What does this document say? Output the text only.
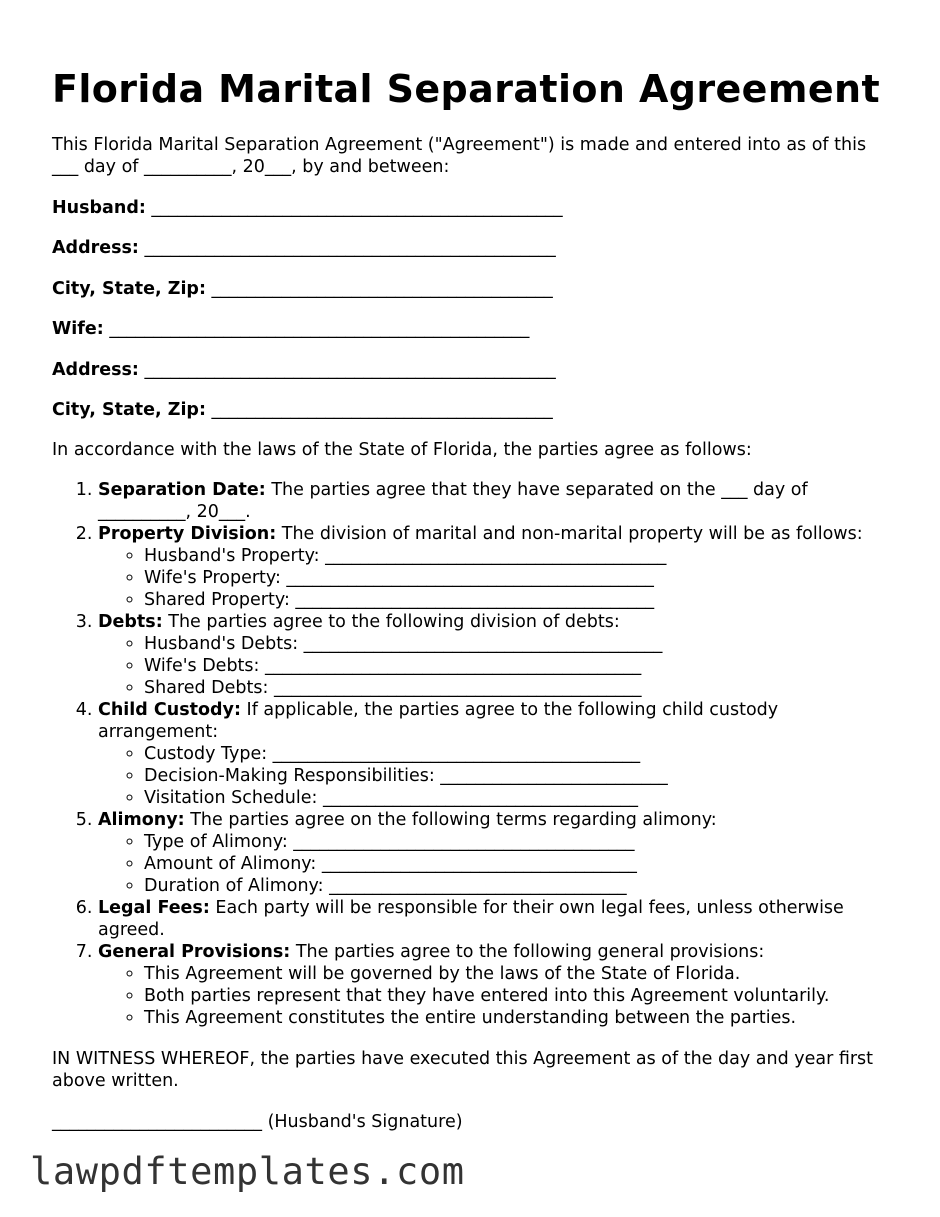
Florida Marital Separation Agreement

This Florida Marital Separation Agreement ("Agreement") is made and entered into as of this ___ day of __________, 20___, by and between:

Husband: _______________________________________________

Address: _______________________________________________

City, State, Zip: _______________________________________

Wife: ________________________________________________

Address: _______________________________________________

City, State, Zip: _______________________________________

In accordance with the laws of the State of Florida, the parties agree as follows:

1. Separation Date: The parties agree that they have separated on the ___ day of __________, 20___.
2. Property Division: The division of marital and non-marital property will be as follows:
◦ Husband's Property: _______________________________________
◦ Wife's Property: __________________________________________
◦ Shared Property: _________________________________________
3. Debts: The parties agree to the following division of debts:
◦ Husband's Debts: _________________________________________
◦ Wife's Debts: ___________________________________________
◦ Shared Debts: __________________________________________
4. Child Custody: If applicable, the parties agree to the following child custody arrangement:
◦ Custody Type: __________________________________________
◦ Decision-Making Responsibilities: __________________________
◦ Visitation Schedule: ____________________________________
5. Alimony: The parties agree on the following terms regarding alimony:
◦ Type of Alimony: _______________________________________
◦ Amount of Alimony: ____________________________________
◦ Duration of Alimony: __________________________________
6. Legal Fees: Each party will be responsible for their own legal fees, unless otherwise agreed.
7. General Provisions: The parties agree to the following general provisions:
◦ This Agreement will be governed by the laws of the State of Florida.
◦ Both parties represent that they have entered into this Agreement voluntarily.
◦ This Agreement constitutes the entire understanding between the parties.

IN WITNESS WHEREOF, the parties have executed this Agreement as of the day and year first above written.

________________________ (Husband's Signature)

lawpdftemplates.com
